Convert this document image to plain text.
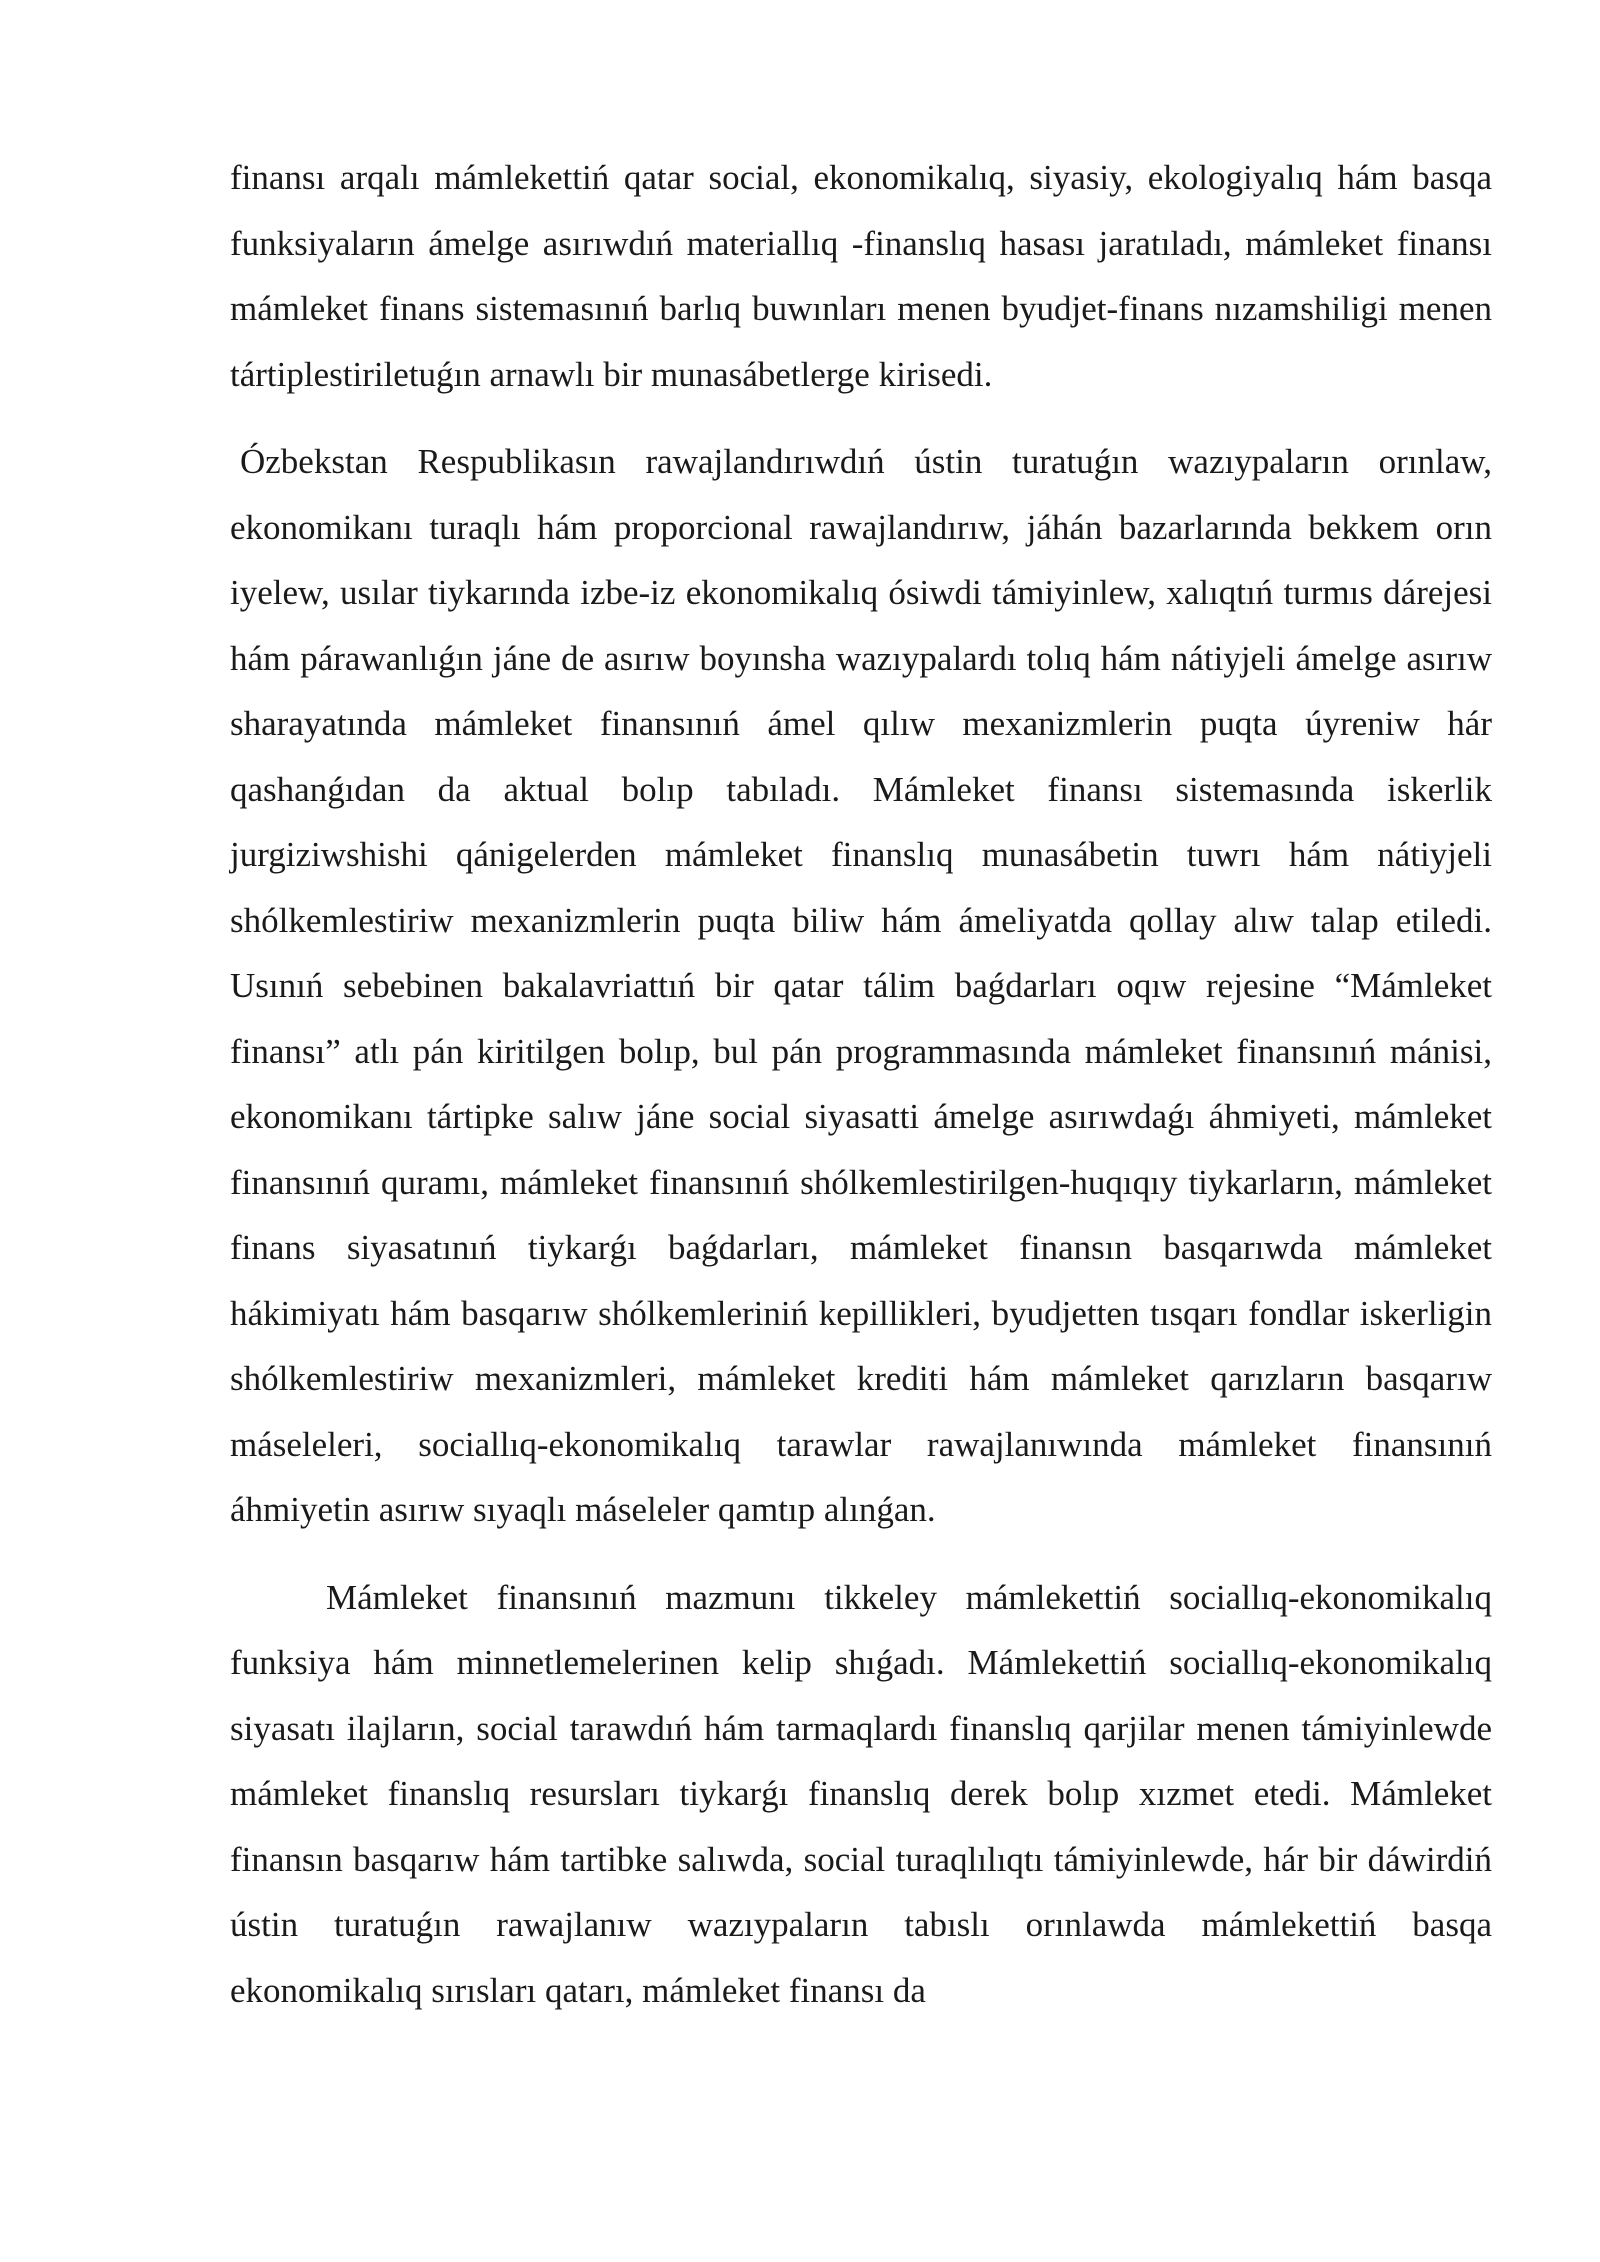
finansı arqalı mámlekettiń qatar social, ekonomikalıq, siyasiy, ekologiyalıq hám basqa funksiyaların ámelge asırıwdıń materiallıq -finanslıq hasası jaratıladı, mámleket finansı mámleket finans sistemasınıń barlıq buwınları menen byudjet-finans nızamshiligi menen tártiplestiriletuǵın arnawlı bir munasábetlerge kirisedi.

Ózbekstan Respublikasın rawajlandırıwdıń ústin turatuǵın wazıypaların orınlaw, ekonomikanı turaqlı hám proporcional rawajlandırıw, jáhán bazarlarında bekkem orın iyelew, usılar tiykarında izbe-iz ekonomikalıq ósiwdi támiyinlew, xalıqtıń turmıs dárejesi hám párawanlıǵın jáne de asırıw boyınsha wazıypalardı tolıq hám nátiyjeli ámelge asırıw sharayatında mámleket finansınıń ámel qılıw mexanizmlerin puqta úyreniw hár qashanǵıdan da aktual bolıp tabıladı. Mámleket finansı sistemasında iskerlik jurgiziwshishi qánigelerden mámleket finanslıq munasábetin tuwrı hám nátiyjeli shólkemlestiriw mexanizmlerin puqta biliw hám ámeliyatda qollay alıw talap etiledi. Usınıń sebebinen bakalavriattıń bir qatar tálim baǵdarları oqıw rejesine “Mámleket finansı” atlı pán kiritilgen bolıp, bul pán programmasında mámleket finansınıń mánisi, ekonomikanı tártipke salıw jáne social siyasatti ámelge asırıwdaǵı áhmiyeti, mámleket finansınıń quramı, mámleket finansınıń shólkemlestirilgen-huqıqıy tiykarların, mámleket finans siyasatınıń tiykarǵı baǵdarları, mámleket finansın basqarıwda mámleket hákimiyatı hám basqarıw shólkemleriniń kepillikleri, byudjetten tısqarı fondlar iskerligin shólkemlestiriw mexanizmleri, mámleket krediti hám mámleket qarızların basqarıw máseleleri, sociallıq-ekonomikalıq tarawlar rawajlanıwında mámleket finansınıń áhmiyetin asırıw sıyaqlı máseleler qamtıp alınǵan.

Mámleket finansınıń mazmunı tikkeley mámlekettiń sociallıq-ekonomikalıq funksiya hám minnetlemelerinen kelip shıǵadı. Mámlekettiń sociallıq-ekonomikalıq siyasatı ilajların, social tarawdıń hám tarmaqlardı finanslıq qarjilar menen támiyinlewde mámleket finanslıq resursları tiykarǵı finanslıq derek bolıp xızmet etedi. Mámleket finansın basqarıw hám tartibke salıwda, social turaqlılıqtı támiyinlewde, hár bir dáwirdiń ústin turatuǵın rawajlanıw wazıypaların tabıslı orınlawda mámlekettiń basqa ekonomikalıq sırısları qatarı, mámleket finansı da
